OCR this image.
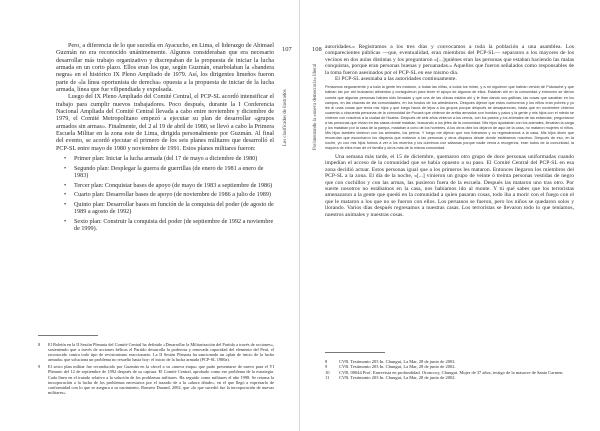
107
Los clasificados de ilustrados

Pero, a diferencia de lo que sucedía en Ayacucho, en Lima, el liderazgo de Abimael Guzmán no era reconocido unánimemente. Algunos consideraban que era necesario desarrollar más trabajo organizativo y discrepaban de la propuesta de iniciar la lucha armada en un corto plazo. Ellos eran los que, según Guzmán, enarbolaban la «bandera negra» en el histórico IX Pleno Ampliado de 1979. Así, los dirigentes limeños fueron parte de «la línea oportunista de derecha» opuesta a la propuesta de iniciar de la lucha armada, línea que fue vilipendiada y expulsada.

Luego del IX Pleno Ampliado del Comité Central, el PCP-SL acordó intensificar el trabajo para cumplir nuevos trabajadores. Poco después, durante la I Conferencia Nacional Ampliada del Comité Central llevada a cabo entre noviembre y diciembre de 1979, el Comité Metropolitano empezó a ejecutar su plan de desarrollar «grupos armados sin armas». Finalmente, del 2 al 19 de abril de 1980, se llevó a cabo la Primera Escuela Militar en la zona este de Lima, dirigida personalmente por Guzmán. Al final del evento, se acordó ejecutar el primero de los seis planes militares que desarrolló el PCP-SL entre mayo de 1980 y noviembre de 1991. Estos planes militares fueron:

• Primer plan: Iniciar la lucha armada (del 17 de mayo a diciembre de 1980)
• Segundo plan: Desplegar la guerra de guerrillas (de enero de 1981 a enero de 1983)
• Tercer plan: Conquistar bases de apoyo (de mayo de 1983 a septiembre de 1986)
• Cuarto plan: Desarrollar bases de apoyo (de noviembre de 1986 a julio de 1989)
• Quinto plan: Desarrollar bases en función de la conquista del poder (de agosto de 1989 a agosto de 1992)
• Sexto plan: Construir la conquista del poder (de septiembre de 1992 a noviembre de 1999).
8 El Boletín en la II Sesión Plenaria del Comité Central ha definido «Desarrollar la Militarización del Partido a través de acciones», sosteniendo que a través de acciones bélicas el Partido desarrolla la poderosa y renovada capacidad del elemento del Perú, el reconocido contra todo tipo de revisionismo reaccionario. La II Sesión Plenaria ha sancionado un «plan de inicio de la lucha armada» que soluciona un problema no resuelto hasta hoy: el inicio de la lucha armada (PCP-SL 1980a).
9 El sexto plan militar fue reconducido por Guzmán en la cárcel a su «nueva etapa» que pudo presentarse de nuevo para el VI Plenario del 12 de septiembre de 1992 después de su captura. El Comité Central, aprobado como ese problema de la estrategia. Cada línea en el tratado relativo a la solución de los problemas militares. Ha seguido como militares el año 1998. Se retoma la incorporación a la lucha de los problemas necesarios por el trazado de a la «ahora dónde», en el que llegó a expresarlo de conformidad con lo que se asegura a su nacimiento, Romero Durand, 2002, que «lo que sucedió fue la incorporación de nuevas militares».
108
Pavimentando la «nueva democracia» liberal

autoridades.» Registramos a los tres días y convocamos a toda la población a una asamblea. Los comparecientes públicas —que, eventualidad, eran miembros del PCP-SL— separaron a los mayores de los vecinos en dos aulas distintas y los preguntaron «[...]quiénes eran las personas que estaban haciendo las malas conquistas, porque eran personas buenas y peruanadas.» Aquellos que fueron señalados como responsables de la toma fueron asesinados por el PCP-SL en ese mismo día.

El PCP-SL asesinaba a las autoridades continuamente.

Pensamos seguramente y a toda la gente les mataron, a todas las niñas, a todos los miran, y a mí siguieron que habían venido de Pulcasche y que habían ido por ahí buscando alimentos y consiguieron para tener el apoyo de algunos de ellos. Estaban ahí en la comunidad y entonces se dieron cuenta que algunas personas habían sido llevadas y que una de las chicas estaba ahí y le iban dando sus gallinas, las cosas que sacaban en los campos, en las chacras de las comunidades, en los fundos de los alrededores. Después dijeron que estos comuneros y los niños eran pobres y yo les di unas cosas que tenía mis hijos y que luego hacía de lejos a los grupos porque después se desaparecían, hasta que en noviembre vinieron cuarenta o cincuenta personas de la comunidad de Pucará que vinieron de arriba armados con hondas y palos y la gente y mis hijos con el miedo se vinieron con nosotros a la ciudad de Huanta. Después de seis años vinieron a los cerros, con los pastos y los animales de las estancias, preguntaron a las personas que vivían en las casas donde estaban, buscando a los jefes de la comunidad. Mis hijos ayudaban con los animales, llevaban la carga y los mataban por la casa de la pampa, mataban a ocho de los hombres. A los otros diez los dejaron de aquí de la casa, no mataron mujeres ni niños. Mis hijos también vinieron con los animales, los perros. Y luego me dijeron que nos fuéramos y no regresáramos a la casa. Mis hijos dicen que recuerdan que escucharon los disparos que mataron a las personas y otros disparos desde donde estábamos nosotros. Después de eso, en la noche, yo con mis hijos fuimos a ver a los muertos y los cubrimos con sábanas porque nadie venía a recogerlos, eran todos de la comunidad, la mayoría de ellos eran de mi familia y otros más de la misma comunidad.

Una semana más tarde, el 15 de diciembre, quemaron otro grupo de doce personas uniformadas cuando impedían el acceso de la comunidad que se había opuesto a su paso. El Comité Central del PCP-SL en esa zona decidió actuar. Estos personas igual que a los primeros les mataron. Entonces llegaron los miembros del PCP-SL a la zona. El día de la noche, «[...] vinieron un grupo de veinte ó treinta personas vestidas de negro que con cuchillos y con las armas, las pusieron fuera de la escuela. Después las mataron uno tras otro. Por suerte nosotros no estábamos en la casa, nos habíamos ido al monte. Y tú qué sabes que los terroristas amenazaron a la gente que quedó en la comunidad a quien pasaran cosas, todo iba a morir con el fuego con el que le mataron a los que no se fueron con ellos. Los peruanos se fueron, pero los niños se quedaron solos y llorando. Varios días después regresamos a nuestras casas. Los terroristas se llevaron todo lo que teníamos, nuestros animales y nuestras cosas.

8	CVR. Testimonio 203 In. Chungui, La Mar, 28 de junio de 2002.
9	CVR. Testimonio 203 In. Chungui, La Mar, 28 de junio de 2002.
10 CVR. 00044 Prof. Entrevista en profundidad. Oronccoy, Chungui. Mujer de 37 años, testigo de la masacre de Santa Carmen.
11 CVR. Testimonio 203 In. Chungui, La Mar, 28 de junio de 2002.
